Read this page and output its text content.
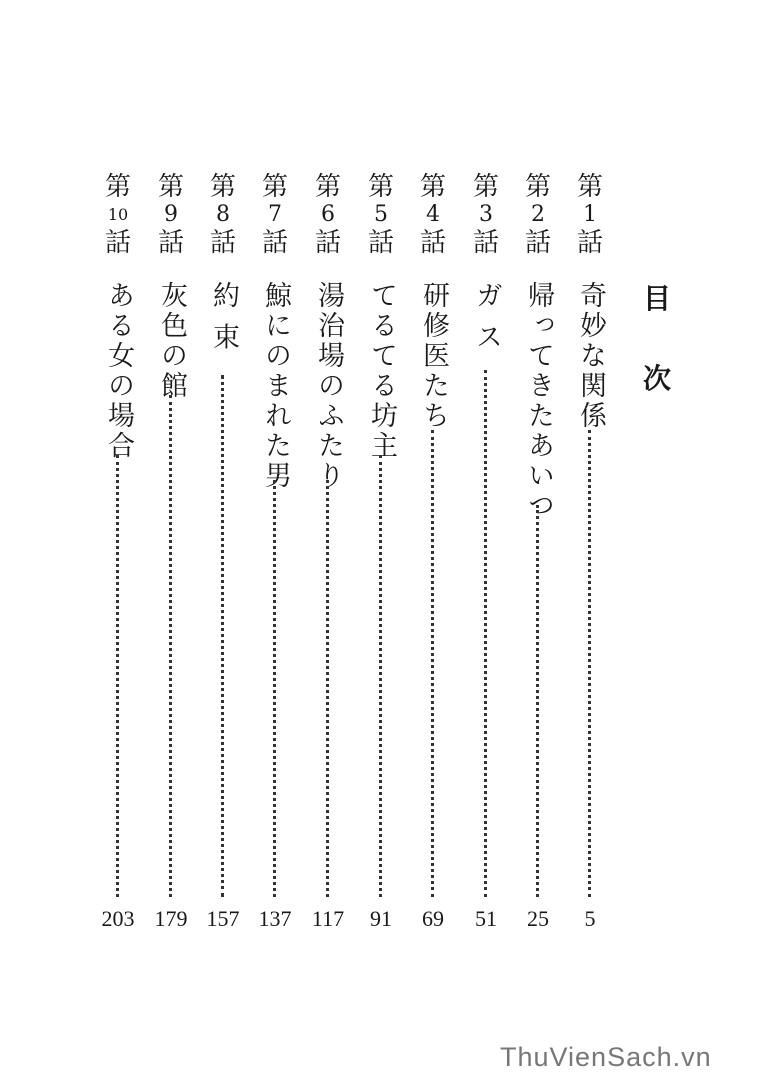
目
次
第
1
話
奇妙な関係
5
第
2
話
帰ってきたあいつ
25
第
3
話
ガ ス
51
第
4
話
研修医たち
69
第
5
話
てるてる坊主
91
第
6
話
湯治場のふたり
117
第
7
話
鯨にのまれた男
137
第
8
話
約 束
157
第
9
話
灰色の館
179
第
10
話
ある女の場合
203
ThuVienSach.vn
